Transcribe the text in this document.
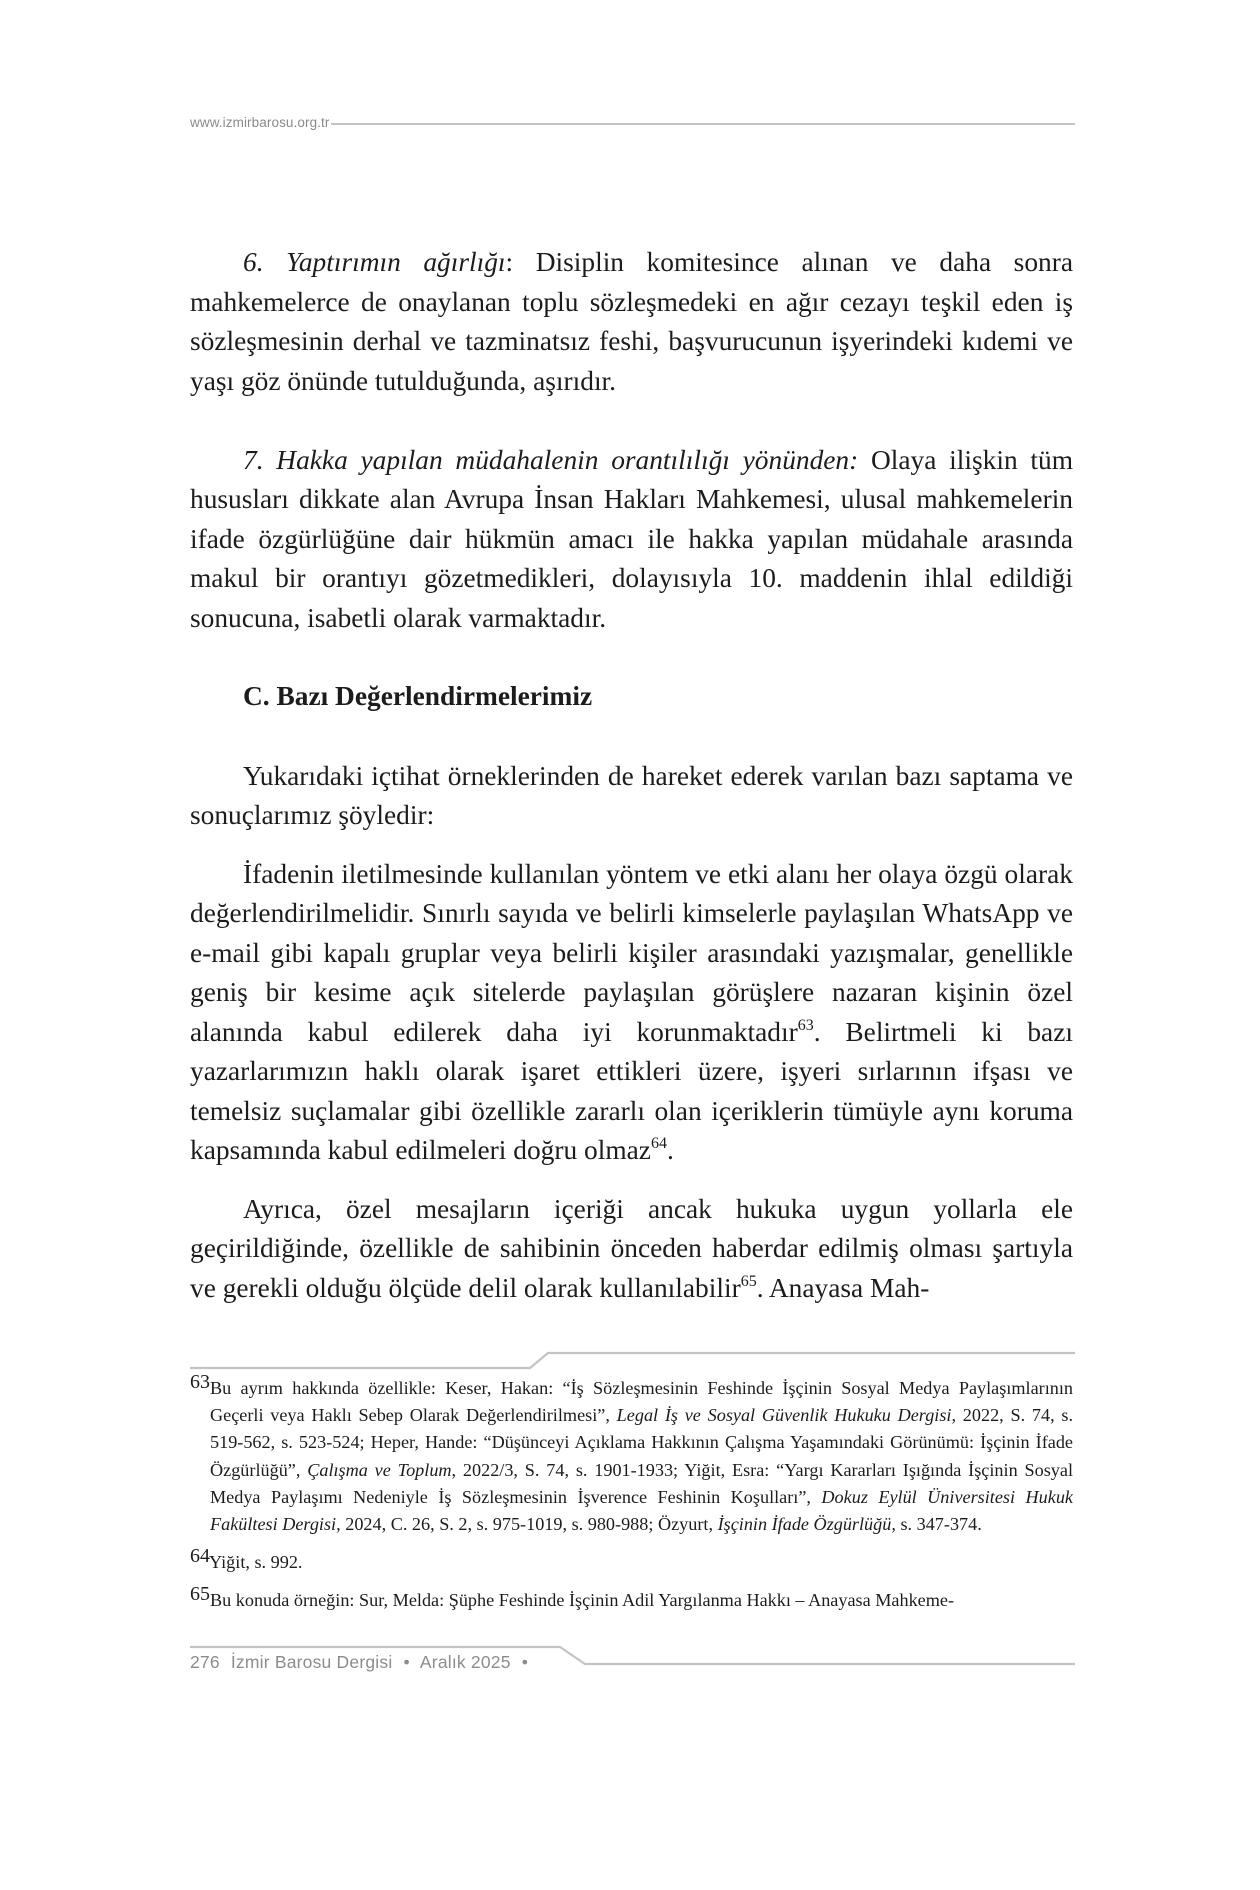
www.izmirbarosu.org.tr

6. Yaptırımın ağırlığı: Disiplin komitesince alınan ve daha sonra mahkemelerce de onaylanan toplu sözleşmedeki en ağır cezayı teşkil eden iş sözleşmesinin derhal ve tazminatsız feshi, başvurucunun işyerindeki kıdemi ve yaşı göz önünde tutulduğunda, aşırıdır.

7. Hakka yapılan müdahalenin orantılılığı yönünden: Olaya ilişkin tüm hususları dikkate alan Avrupa İnsan Hakları Mahkemesi, ulusal mahkemelerin ifade özgürlüğüne dair hükmün amacı ile hakka yapılan müdahale arasında makul bir orantıyı gözetmedikleri, dolayısıyla 10. maddenin ihlal edildiği sonucuna, isabetli olarak varmaktadır.

C. Bazı Değerlendirmelerimiz

Yukarıdaki içtihat örneklerinden de hareket ederek varılan bazı saptama ve sonuçlarımız şöyledir:

İfadenin iletilmesinde kullanılan yöntem ve etki alanı her olaya özgü olarak değerlendirilmelidir. Sınırlı sayıda ve belirli kimselerle paylaşılan WhatsApp ve e-mail gibi kapalı gruplar veya belirli kişiler arasındaki yazışmalar, genellikle geniş bir kesime açık sitelerde paylaşılan görüşlere nazaran kişinin özel alanında kabul edilerek daha iyi korunmaktadır$^{63}$. Belirtmeli ki bazı yazarlarımızın haklı olarak işaret ettikleri üzere, işyeri sırlarının ifşası ve temelsiz suçlamalar gibi özellikle zararlı olan içeriklerin tümüyle aynı koruma kapsamında kabul edilmeleri doğru olmaz$^{64}$.

Ayrıca, özel mesajların içeriği ancak hukuka uygun yollarla ele geçirildiğinde, özellikle de sahibinin önceden haberdar edilmiş olması şartıyla ve gerekli olduğu ölçüde delil olarak kullanılabilir$^{65}$. Anayasa Mah-

63 Bu ayrım hakkında özellikle: Keser, Hakan: “İş Sözleşmesinin Feshinde İşçinin Sosyal Medya Paylaşımlarının Geçerli veya Haklı Sebep Olarak Değerlendirilmesi”, Legal İş ve Sosyal Güvenlik Hukuku Dergisi, 2022, S. 74, s. 519-562, s. 523-524; Heper, Hande: “Düşünceyi Açıklama Hakkının Çalışma Yaşamındaki Görünümü: İşçinin İfade Özgürlüğü”, Çalışma ve Toplum, 2022/3, S. 74, s. 1901-1933; Yiğit, Esra: “Yargı Kararları Işığında İşçinin Sosyal Medya Paylaşımı Nedeniyle İş Sözleşmesinin İşverence Feshinin Koşulları”, Dokuz Eylül Üniversitesi Hukuk Fakültesi Dergisi, 2024, C. 26, S. 2, s. 975-1019, s. 980-988; Özyurt, İşçinin İfade Özgürlüğü, s. 347-374.
64 Yiğit, s. 992.
65 Bu konuda örneğin: Sur, Melda: Şüphe Feshinde İşçinin Adil Yargılanma Hakkı – Anayasa Mahkeme-
276 İzmir Barosu Dergisi • Aralık 2025 •
